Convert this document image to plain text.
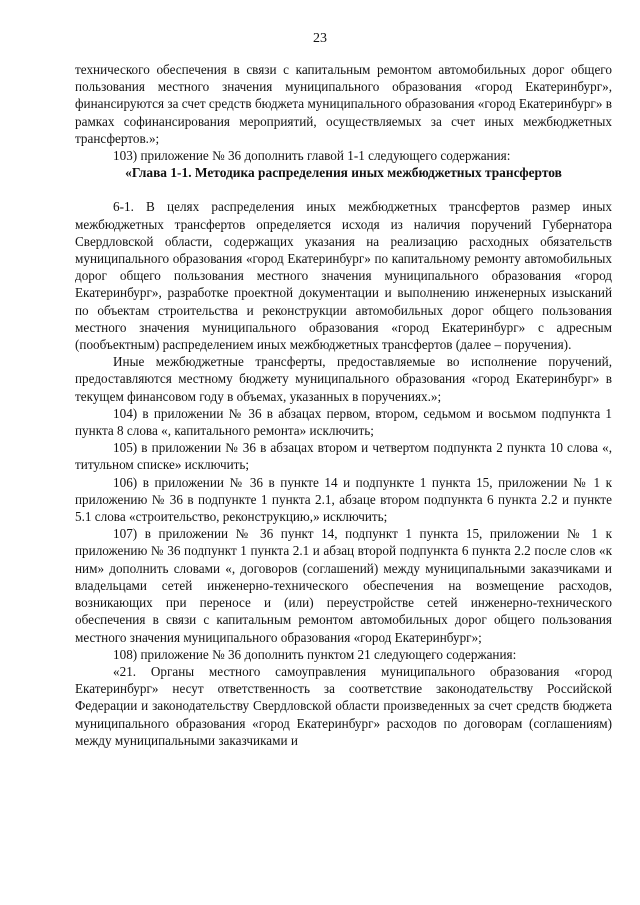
23

технического обеспечения в связи с капитальным ремонтом автомобильных дорог общего пользования местного значения муниципального образования «город Екатеринбург», финансируются за счет средств бюджета муниципального образования «город Екатеринбург» в рамках софинансирования мероприятий, осуществляемых за счет иных межбюджетных трансфертов.»;

103) приложение № 36 дополнить главой 1-1 следующего содержания:

«Глава 1-1. Методика распределения иных межбюджетных трансфертов

6-1. В целях распределения иных межбюджетных трансфертов размер иных межбюджетных трансфертов определяется исходя из наличия поручений Губернатора Свердловской области, содержащих указания на реализацию расходных обязательств муниципального образования «город Екатеринбург» по капитальному ремонту автомобильных дорог общего пользования местного значения муниципального образования «город Екатеринбург», разработке проектной документации и выполнению инженерных изысканий по объектам строительства и реконструкции автомобильных дорог общего пользования местного значения муниципального образования «город Екатеринбург» с адресным (пообъектным) распределением иных межбюджетных трансфертов (далее – поручения).

Иные межбюджетные трансферты, предоставляемые во исполнение поручений, предоставляются местному бюджету муниципального образования «город Екатеринбург» в текущем финансовом году в объемах, указанных в поручениях.»;

104) в приложении № 36 в абзацах первом, втором, седьмом и восьмом подпункта 1 пункта 8 слова «, капитального ремонта» исключить;

105) в приложении № 36 в абзацах втором и четвертом подпункта 2 пункта 10 слова «, титульном списке» исключить;

106) в приложении № 36 в пункте 14 и подпункте 1 пункта 15, приложении № 1 к приложению № 36 в подпункте 1 пункта 2.1, абзаце втором подпункта 6 пункта 2.2 и пункте 5.1 слова «строительство, реконструкцию,» исключить;

107) в приложении № 36 пункт 14, подпункт 1 пункта 15, приложении № 1 к приложению № 36 подпункт 1 пункта 2.1 и абзац второй подпункта 6 пункта 2.2 после слов «к ним» дополнить словами «, договоров (соглашений) между муниципальными заказчиками и владельцами сетей инженерно-технического обеспечения на возмещение расходов, возникающих при переносе и (или) переустройстве сетей инженерно-технического обеспечения в связи с капитальным ремонтом автомобильных дорог общего пользования местного значения муниципального образования «город Екатеринбург»;

108) приложение № 36 дополнить пунктом 21 следующего содержания:

«21. Органы местного самоуправления муниципального образования «город Екатеринбург» несут ответственность за соответствие законодательству Российской Федерации и законодательству Свердловской области произведенных за счет средств бюджета муниципального образования «город Екатеринбург» расходов по договорам (соглашениям) между муниципальными заказчиками и
